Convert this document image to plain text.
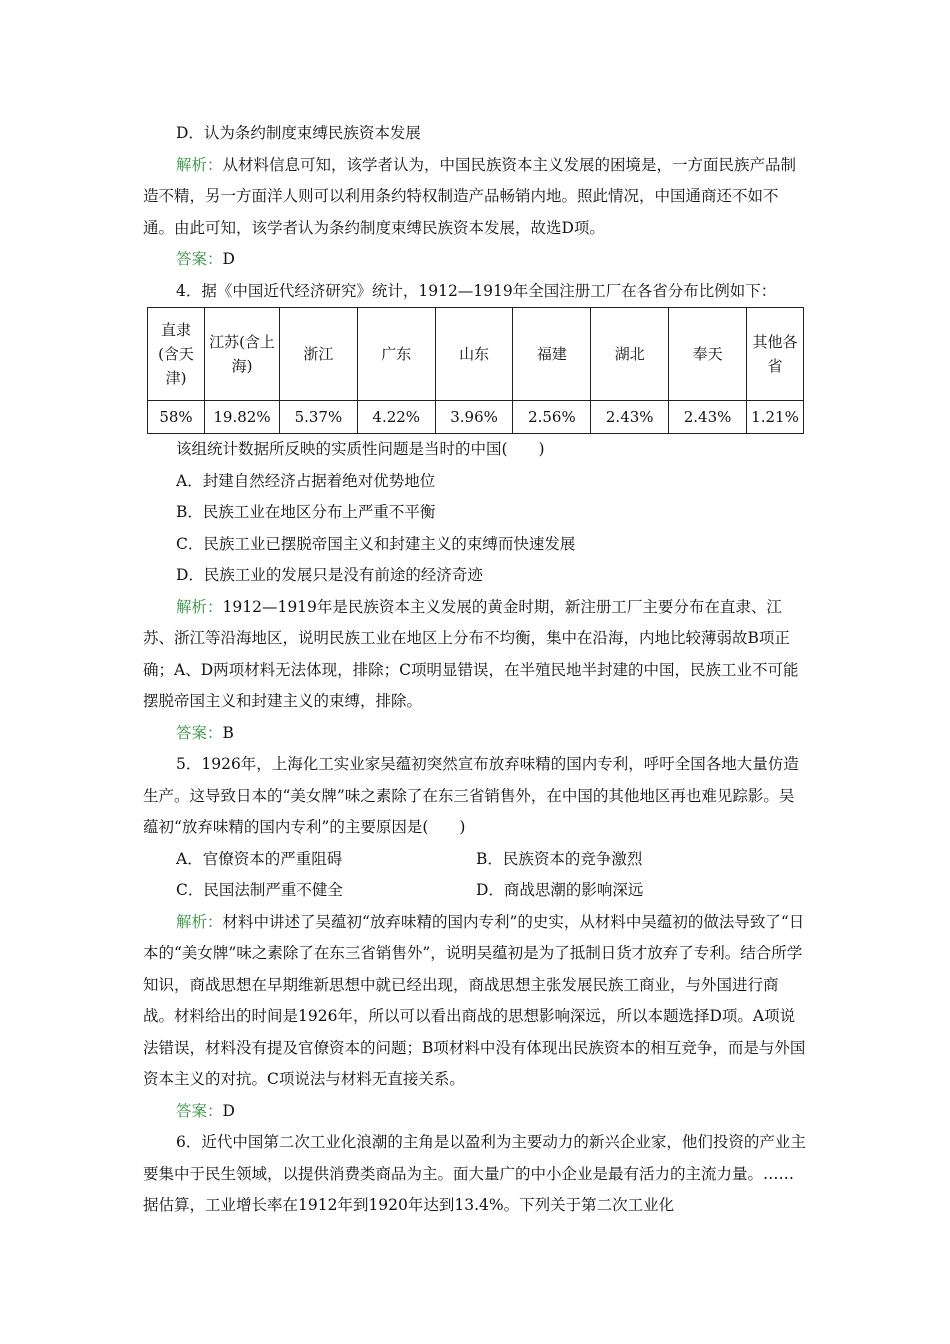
D．认为条约制度束缚民族资本发展

解析：从材料信息可知，该学者认为，中国民族资本主义发展的困境是，一方面民族产品制造不精，另一方面洋人则可以利用条约特权制造产品畅销内地。照此情况，中国通商还不如不通。由此可知，该学者认为条约制度束缚民族资本发展，故选D项。

答案：D

4．据《中国近代经济研究》统计，1912—1919年全国注册工厂在各省分布比例如下：

直隶(含天津)	江苏(含上海)	浙江	广东	山东	福建	湖北	奉天	其他各省
58%	19.82%	5.37%	4.22%	3.96%	2.56%	2.43%	2.43%	1.21%

该组统计数据所反映的实质性问题是当时的中国(　　)

A．封建自然经济占据着绝对优势地位

B．民族工业在地区分布上严重不平衡

C．民族工业已摆脱帝国主义和封建主义的束缚而快速发展

D．民族工业的发展只是没有前途的经济奇迹

解析：1912—1919年是民族资本主义发展的黄金时期，新注册工厂主要分布在直隶、江苏、浙江等沿海地区，说明民族工业在地区上分布不均衡，集中在沿海，内地比较薄弱故B项正确；A、D两项材料无法体现，排除；C项明显错误，在半殖民地半封建的中国，民族工业不可能摆脱帝国主义和封建主义的束缚，排除。

答案：B

5．1926年，上海化工实业家吴蕴初突然宣布放弃味精的国内专利，呼吁全国各地大量仿造生产。这导致日本的“美女牌”味之素除了在东三省销售外，在中国的其他地区再也难见踪影。吴蕴初“放弃味精的国内专利”的主要原因是(　　)

A．官僚资本的严重阻碍	B．民族资本的竞争激烈
C．民国法制严重不健全	D．商战思潮的影响深远

解析：材料中讲述了吴蕴初“放弃味精的国内专利”的史实，从材料中吴蕴初的做法导致了“日本的“美女牌”味之素除了在东三省销售外”，说明吴蕴初是为了抵制日货才放弃了专利。结合所学知识，商战思想在早期维新思想中就已经出现，商战思想主张发展民族工商业，与外国进行商战。材料给出的时间是1926年，所以可以看出商战的思想影响深远，所以本题选择D项。A项说法错误，材料没有提及官僚资本的问题；B项材料中没有体现出民族资本的相互竞争，而是与外国资本主义的对抗。C项说法与材料无直接关系。

答案：D

6．近代中国第二次工业化浪潮的主角是以盈利为主要动力的新兴企业家，他们投资的产业主要集中于民生领域，以提供消费类商品为主。面大量广的中小企业是最有活力的主流力量。……据估算，工业增长率在1912年到1920年达到13.4%。下列关于第二次工业化
